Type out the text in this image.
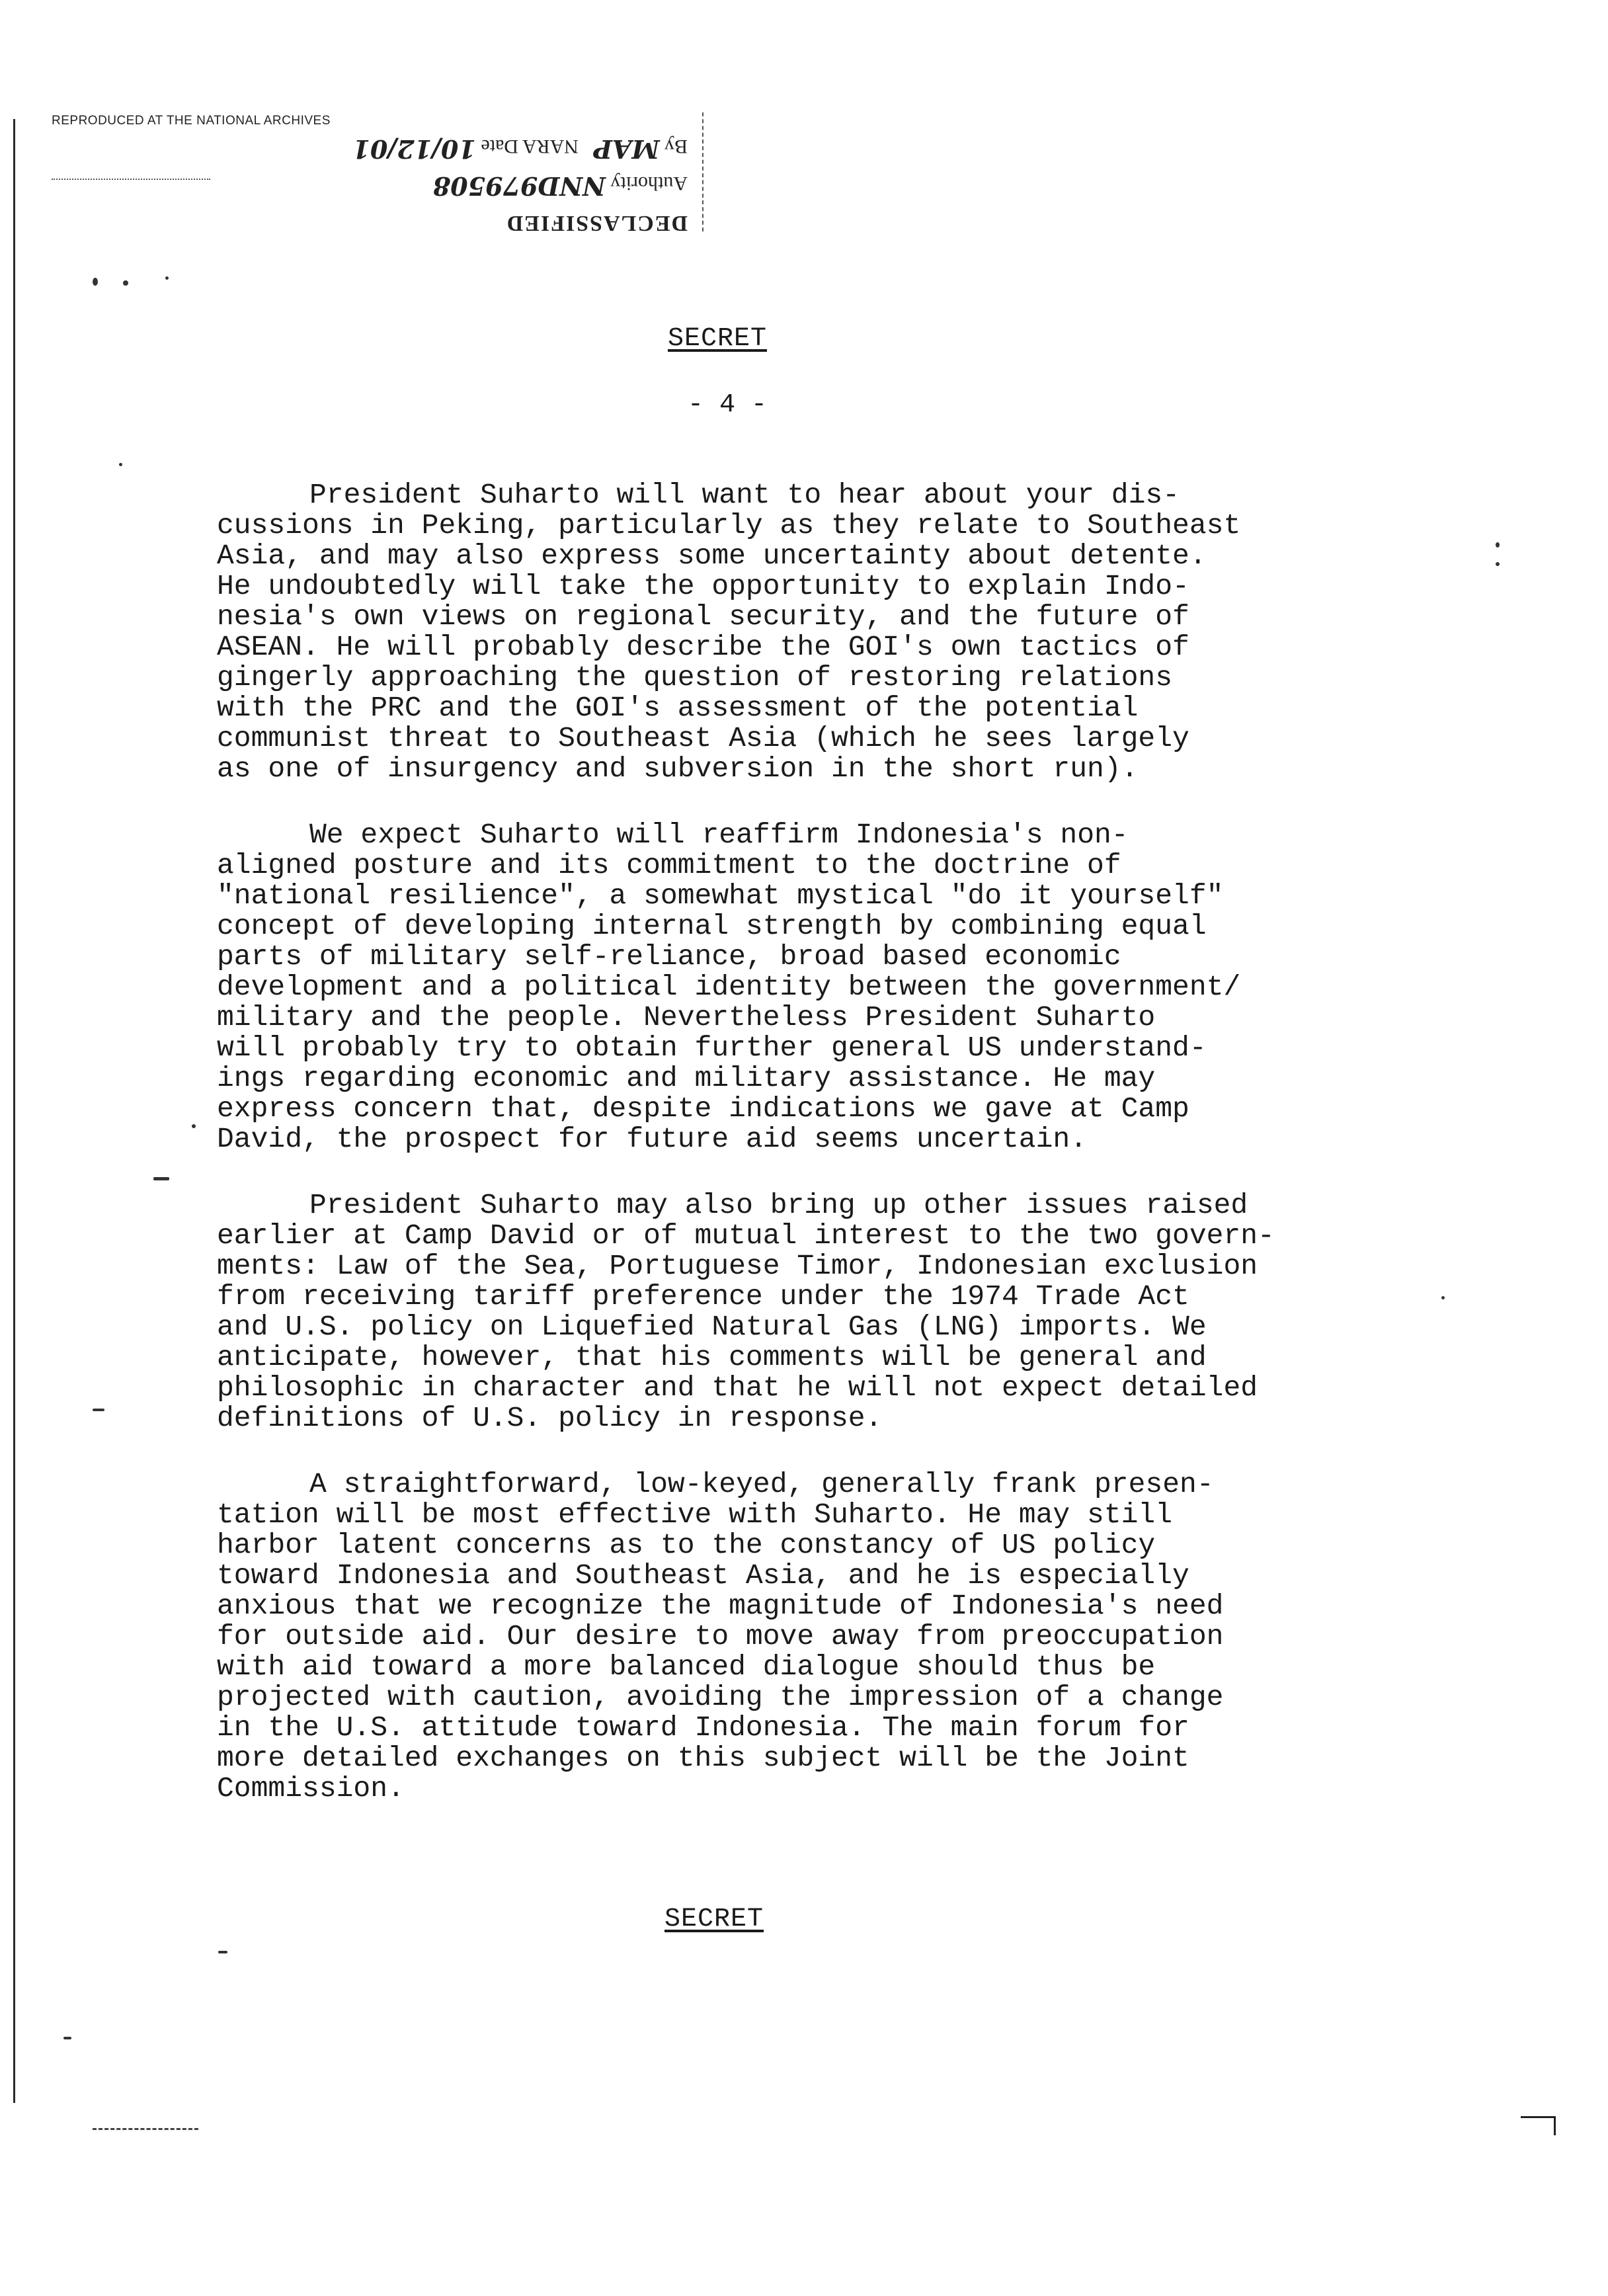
REPRODUCED AT THE NATIONAL ARCHIVES
DECLASSIFIED
Authority NND979508
By MAP   NARA Date 10/12/01
SECRET
- 4 -

President Suharto will want to hear about your dis-
cussions in Peking, particularly as they relate to Southeast
Asia, and may also express some uncertainty about detente.
He undoubtedly will take the opportunity to explain Indo-
nesia's own views on regional security, and the future of
ASEAN. He will probably describe the GOI's own tactics of
gingerly approaching the question of restoring relations
with the PRC and the GOI's assessment of the potential
communist threat to Southeast Asia (which he sees largely
as one of insurgency and subversion in the short run).

We expect Suharto will reaffirm Indonesia's non-
aligned posture and its commitment to the doctrine of
"national resilience", a somewhat mystical "do it yourself"
concept of developing internal strength by combining equal
parts of military self-reliance, broad based economic
development and a political identity between the government/
military and the people. Nevertheless President Suharto
will probably try to obtain further general US understand-
ings regarding economic and military assistance. He may
express concern that, despite indications we gave at Camp
David, the prospect for future aid seems uncertain.

President Suharto may also bring up other issues raised
earlier at Camp David or of mutual interest to the two govern-
ments: Law of the Sea, Portuguese Timor, Indonesian exclusion
from receiving tariff preference under the 1974 Trade Act
and U.S. policy on Liquefied Natural Gas (LNG) imports. We
anticipate, however, that his comments will be general and
philosophic in character and that he will not expect detailed
definitions of U.S. policy in response.

A straightforward, low-keyed, generally frank presen-
tation will be most effective with Suharto. He may still
harbor latent concerns as to the constancy of US policy
toward Indonesia and Southeast Asia, and he is especially
anxious that we recognize the magnitude of Indonesia's need
for outside aid. Our desire to move away from preoccupation
with aid toward a more balanced dialogue should thus be
projected with caution, avoiding the impression of a change
in the U.S. attitude toward Indonesia. The main forum for
more detailed exchanges on this subject will be the Joint
Commission.

SECRET
